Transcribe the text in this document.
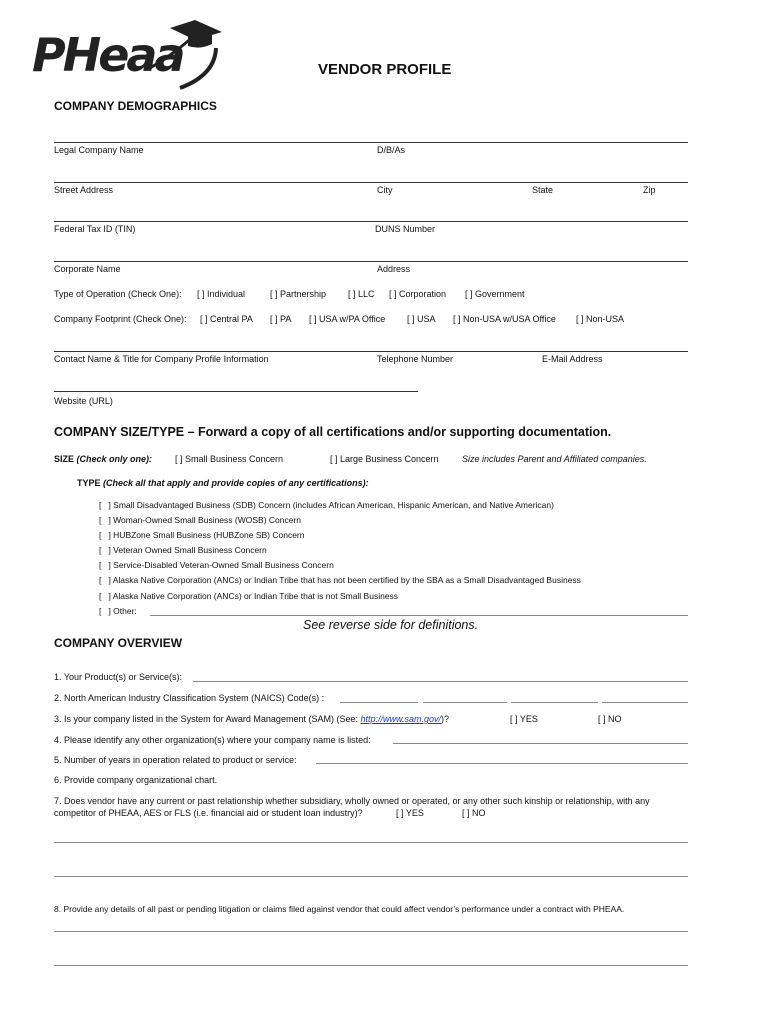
PHeaa	VENDOR PROFILE
COMPANY DEMOGRAPHICS
Legal Company Name	D/B/As
Street Address	City	State	Zip
Federal Tax ID (TIN)	DUNS Number
Corporate Name	Address
Type of Operation (Check One): [ ] Individual	[ ] Partnership [ ] LLC [ ] Corporation [ ] Government
Company Footprint (Check One): [ ] Central PA [ ] PA [ ] USA w/PA Office [ ] USA [ ] Non-USA w/USA Office [ ] Non-USA
Contact Name & Title for Company Profile Information	Telephone Number	E-Mail Address
Website (URL)
COMPANY SIZE/TYPE – Forward a copy of all certifications and/or supporting documentation.
SIZE (Check only one):	[ ] Small Business Concern	[ ] Large Business Concern	Size includes Parent and Affiliated companies.
TYPE (Check all that apply and provide copies of any certifications):
[   ] Small Disadvantaged Business (SDB) Concern (includes African American, Hispanic American, and Native American)
[   ] Woman-Owned Small Business (WOSB) Concern
[   ] HUBZone Small Business (HUBZone SB) Concern
[   ] Veteran Owned Small Business Concern
[   ] Service-Disabled Veteran-Owned Small Business Concern
[   ] Alaska Native Corporation (ANCs) or Indian Tribe that has not been certified by the SBA as a Small Disadvantaged Business
[   ] Alaska Native Corporation (ANCs) or Indian Tribe that is not Small Business
[   ] Other:
See reverse side for definitions.
COMPANY OVERVIEW
1. Your Product(s) or Service(s):
2. North American Industry Classification System (NAICS) Code(s) :
3. Is your company listed in the System for Award Management (SAM) (See: http://www.sam.gov/)?	[ ] YES	[ ] NO
4. Please identify any other organization(s) where your company name is listed:
5. Number of years in operation related to product or service:
6. Provide company organizational chart.
7. Does vendor have any current or past relationship whether subsidiary, wholly owned or operated, or any other such kinship or relationship, with any
competitor of PHEAA, AES or FLS (i.e. financial aid or student loan industry)?	[ ] YES	[ ] NO
8. Provide any details of all past or pending litigation or claims filed against vendor that could affect vendor’s performance under a contract with PHEAA.
